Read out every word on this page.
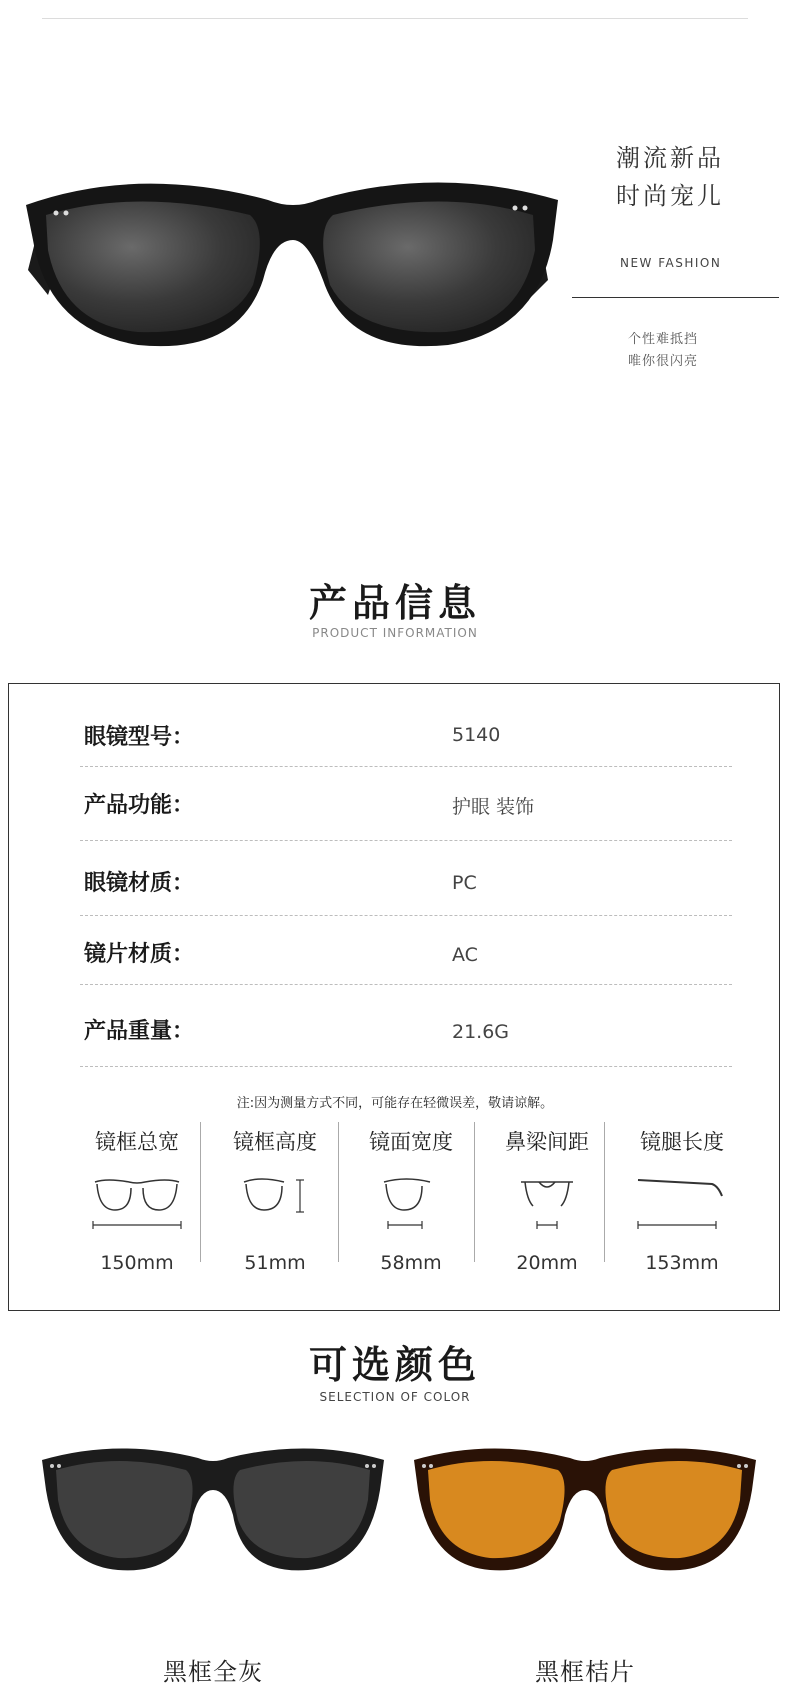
潮流新品
时尚宠儿
NEW FASHION
个性难抵挡
唯你很闪亮
产品信息
PRODUCT INFORMATION
眼镜型号：	5140
产品功能：	护眼 装饰
眼镜材质：	PC
镜片材质：	AC
产品重量：	21.6G
注:因为测量方式不同，可能存在轻微误差，敬请谅解。
镜框总宽
150mm
镜框高度
51mm
镜面宽度
58mm
鼻梁间距
20mm
镜腿长度
153mm
可选颜色
SELECTION OF COLOR
黑框全灰	黑框桔片
